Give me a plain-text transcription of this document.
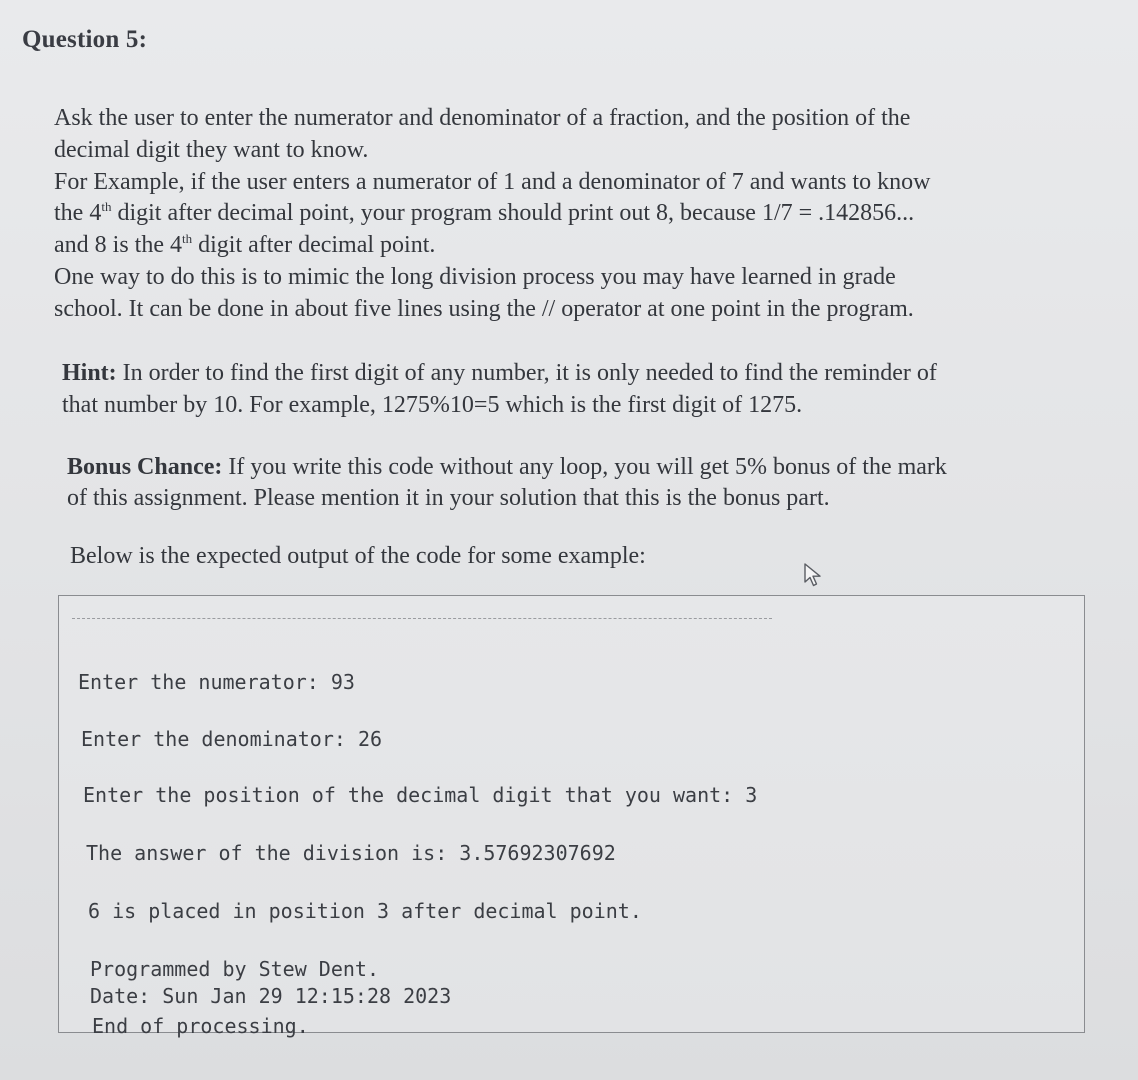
Question 5:
Ask the user to enter the numerator and denominator of a fraction, and the position of the
decimal digit they want to know.
For Example, if the user enters a numerator of 1 and a denominator of 7 and wants to know
the 4th digit after decimal point, your program should print out 8, because 1/7 = .142856...
and 8 is the 4th digit after decimal point.
One way to do this is to mimic the long division process you may have learned in grade
school. It can be done in about five lines using the // operator at one point in the program.
Hint: In order to find the first digit of any number, it is only needed to find the reminder of
that number by 10. For example, 1275%10=5 which is the first digit of 1275.
Bonus Chance: If you write this code without any loop, you will get 5% bonus of the mark
of this assignment. Please mention it in your solution that this is the bonus part.
Below is the expected output of the code for some example:
Enter the numerator: 93
Enter the denominator: 26
Enter the position of the decimal digit that you want: 3
The answer of the division is: 3.57692307692
6 is placed in position 3 after decimal point.
Programmed by Stew Dent.
Date: Sun Jan 29 12:15:28 2023
End of processing.
